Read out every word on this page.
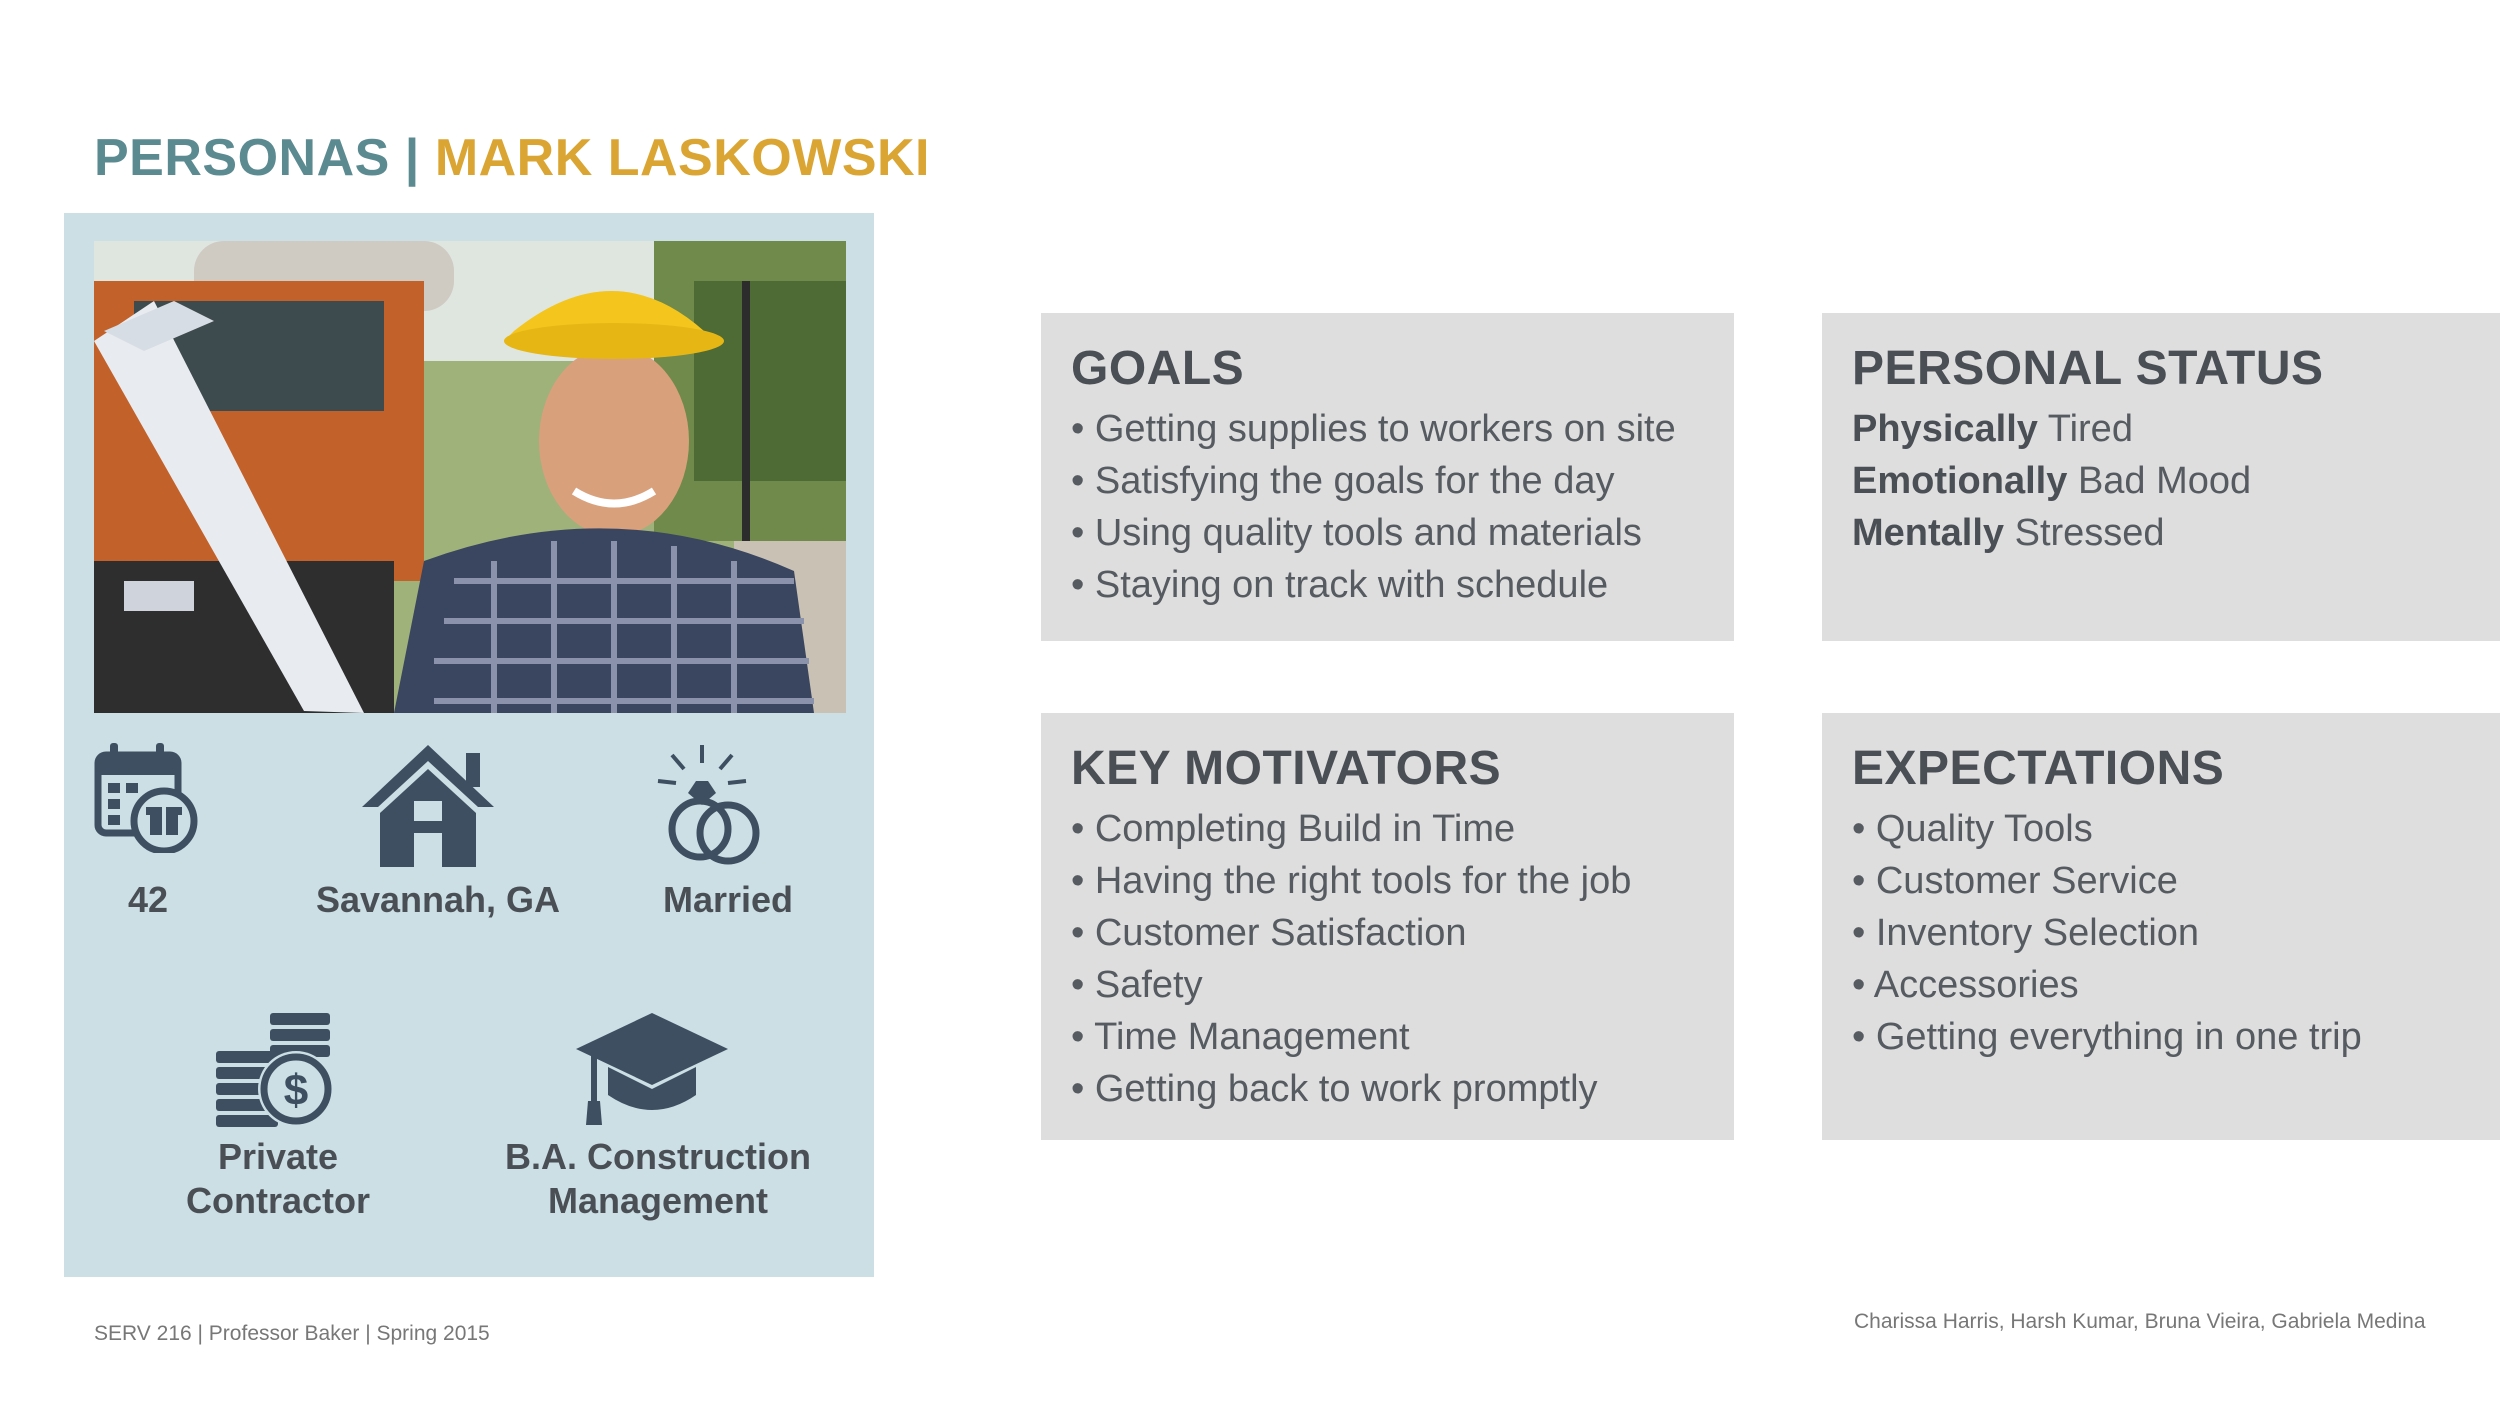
PERSONAS | MARK LASKOWSKI
42	Savannah, GA	Married
$
Private
Contractor
B.A. Construction
Management
GOALS
• Getting supplies to workers on site
• Satisfying the goals for the day
• Using quality tools and materials
• Staying on track with schedule
PERSONAL STATUS
Physically Tired
Emotionally Bad Mood
Mentally Stressed
KEY MOTIVATORS
• Completing Build in Time
• Having the right tools for the job
• Customer Satisfaction
• Safety
• Time Management
• Getting back to work promptly
EXPECTATIONS
• Quality Tools
• Customer Service
• Inventory Selection
• Accessories
• Getting everything in one trip
SERV 216 | Professor Baker | Spring 2015
Charissa Harris, Harsh Kumar, Bruna Vieira, Gabriela Medina
